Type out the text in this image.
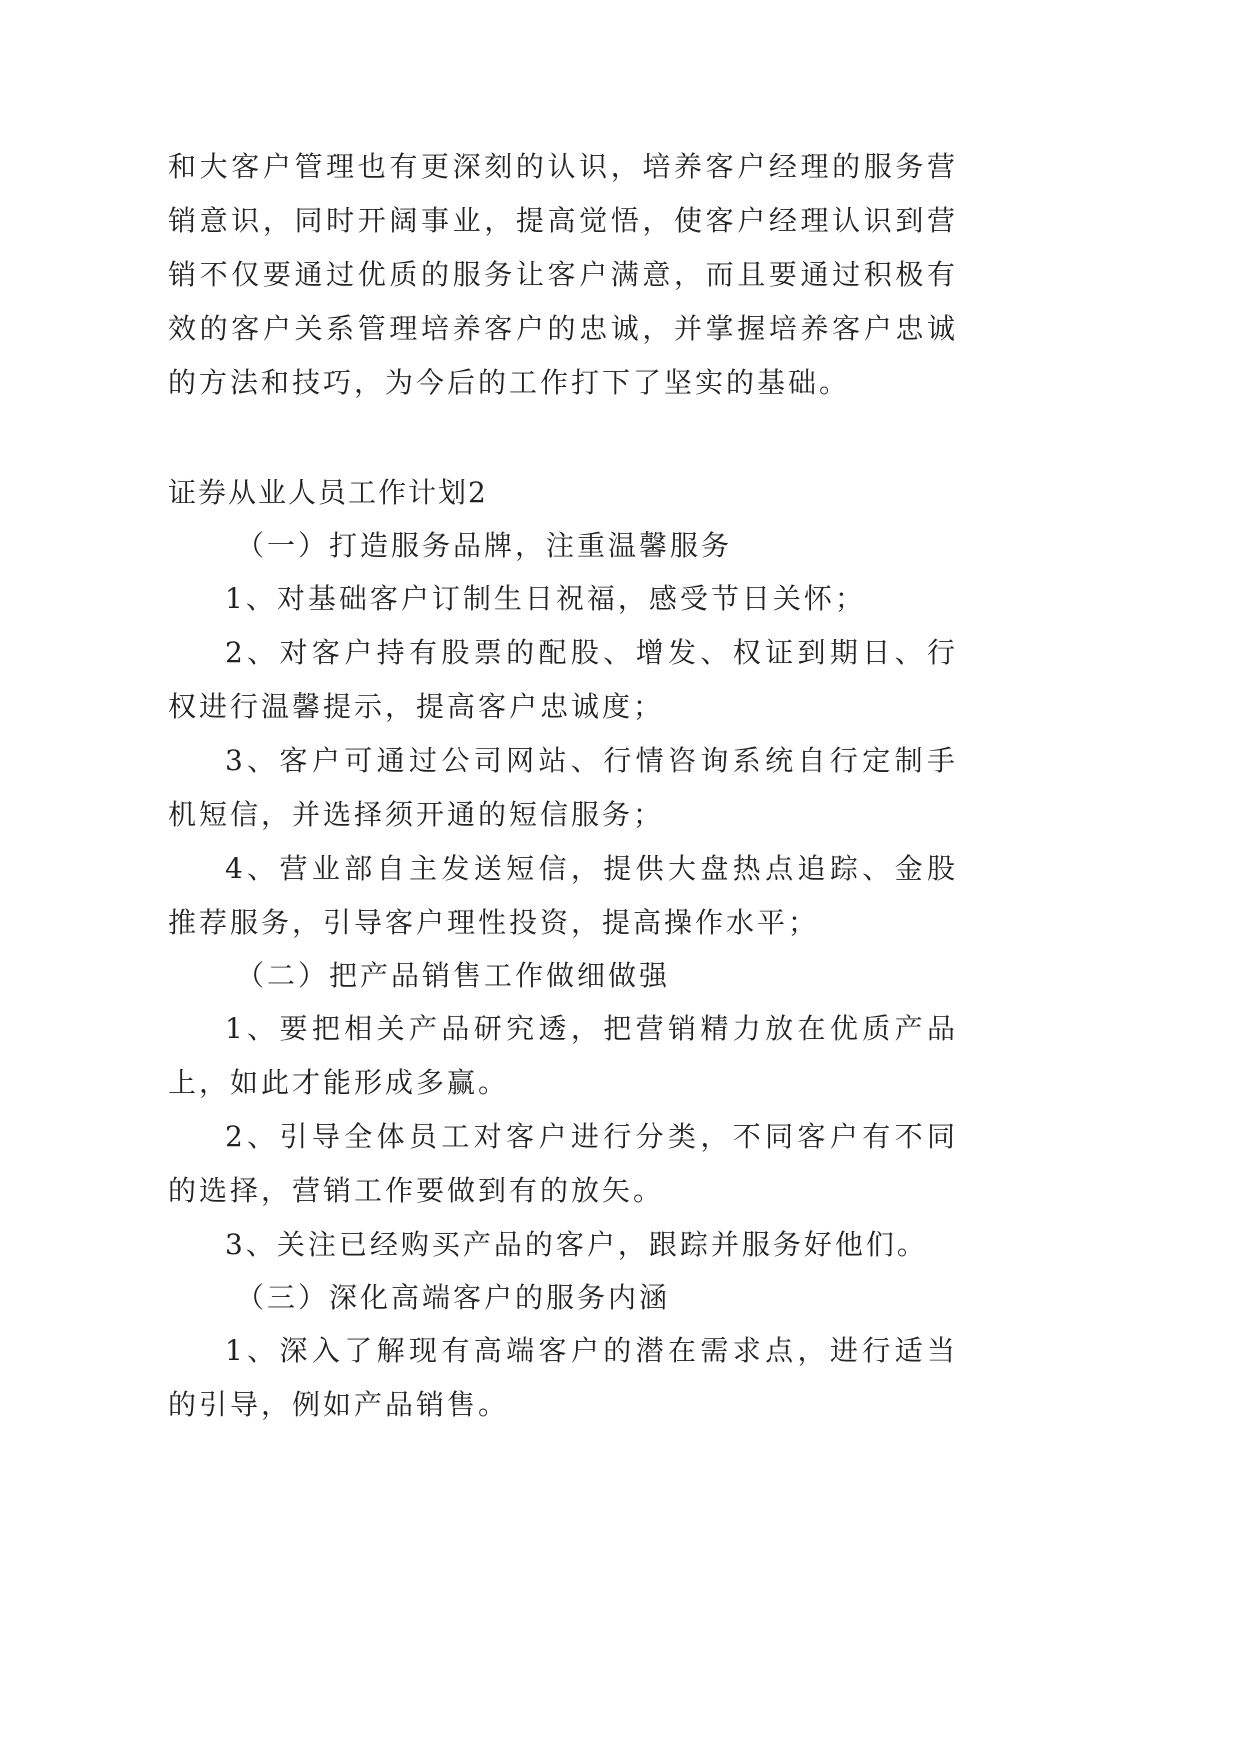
和大客户管理也有更深刻的认识，培养客户经理的服务营销意识，同时开阔事业，提高觉悟，使客户经理认识到营销不仅要通过优质的服务让客户满意，而且要通过积极有效的客户关系管理培养客户的忠诚，并掌握培养客户忠诚的方法和技巧，为今后的工作打下了坚实的基础。

证券从业人员工作计划2

（一）打造服务品牌，注重温馨服务

1、对基础客户订制生日祝福，感受节日关怀；

2、对客户持有股票的配股、增发、权证到期日、行权进行温馨提示，提高客户忠诚度；

3、客户可通过公司网站、行情咨询系统自行定制手机短信，并选择须开通的短信服务；

4、营业部自主发送短信，提供大盘热点追踪、金股推荐服务，引导客户理性投资，提高操作水平；

（二）把产品销售工作做细做强

1、要把相关产品研究透，把营销精力放在优质产品上，如此才能形成多赢。

2、引导全体员工对客户进行分类，不同客户有不同的选择，营销工作要做到有的放矢。

3、关注已经购买产品的客户，跟踪并服务好他们。

（三）深化高端客户的服务内涵

1、深入了解现有高端客户的潜在需求点，进行适当的引导，例如产品销售。
